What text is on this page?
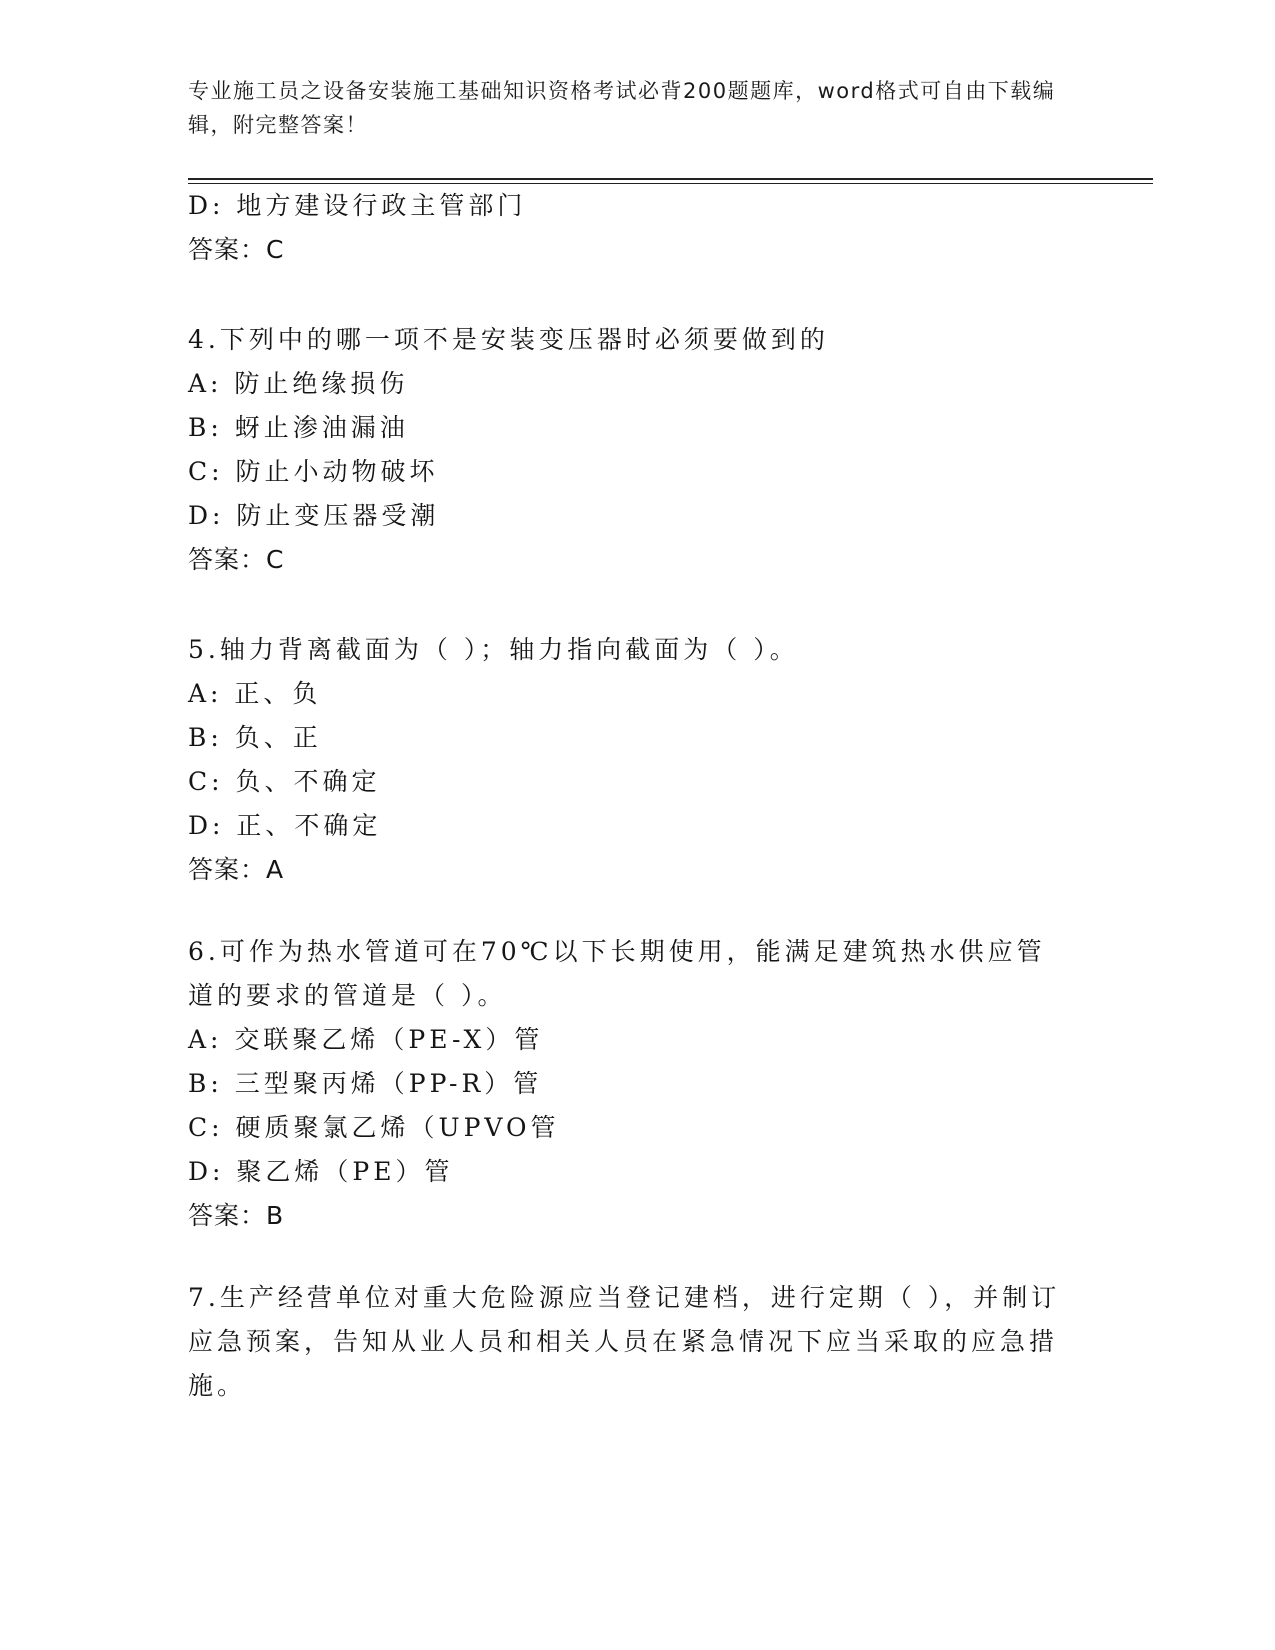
专业施工员之设备安装施工基础知识资格考试必背200题题库，word格式可自由下载编辑，附完整答案！
D: 地方建设行政主管部门
答案：C
4.下列中的哪一项不是安装变压器时必须要做到的
A: 防止绝缘损伤
B: 蚜止渗油漏油
C: 防止小动物破坏
D: 防止变压器受潮
答案：C
5.轴力背离截面为（ ）；轴力指向截面为（ ）。
A: 正、负
B: 负、正
C: 负、不确定
D: 正、不确定
答案：A
6.可作为热水管道可在70℃以下长期使用，能满足建筑热水供应管道的要求的管道是（ ）。
A: 交联聚乙烯（PE-X）管
B: 三型聚丙烯（PP-R）管
C: 硬质聚氯乙烯（UPVO管
D: 聚乙烯（PE）管
答案：B
7.生产经营单位对重大危险源应当登记建档，进行定期（ ），并制订应急预案，告知从业人员和相关人员在紧急情况下应当采取的应急措施。
